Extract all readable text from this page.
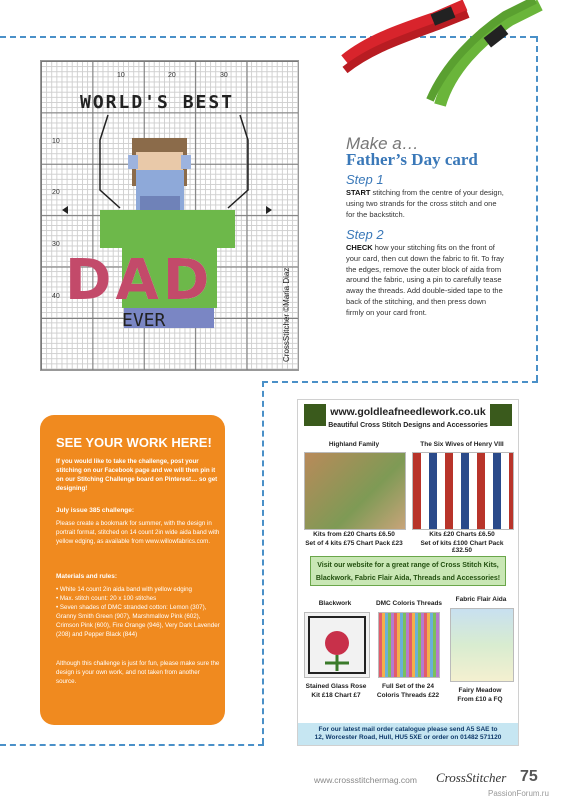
10	20	30
10
20
30
40
WORLD'S BEST
DAD
EVER	CrossStitcher ©Maria Diaz
Make a…
Father’s Day card
Step 1
START stitching from the centre of your design, using two strands for the cross stitch and one for the backstitch.
Step 2
CHECK how your stitching fits on the front of your card, then cut down the fabric to fit. To fray the edges, remove the outer block of aida from around the fabric, using a pin to carefully tease away the threads. Add double-sided tape to the back of the stitching, and then press down firmly on your card front.
SEE YOUR WORK HERE!
If you would like to take the challenge, post your stitching on our Facebook page and we will then pin it on our Stitching Challenge board on Pinterest… so get designing!
July issue 385 challenge:
Please create a bookmark for summer, with the design in portrait format, stitched on 14 count 2in wide aida band with yellow edging, as available from www.willowfabrics.com.
Materials and rules:
• White 14 count 2in aida band with yellow edging
• Max. stitch count: 20 x 100 stitches
• Seven shades of DMC stranded cotton: Lemon (307), Granny Smith Green (907), Marshmallow Pink (602), Crimson Pink (600), Fire Orange (946), Very Dark Lavender (208) and Pepper Black (844)
Although this challenge is just for fun, please make sure the design is your own work, and not taken from another source.
www.goldleafneedlework.co.uk
Beautiful Cross Stitch Designs and Accessories
Highland Family	The Six Wives of Henry VIII
Kits from £20 Charts £6.50
Set of 4 kits £75 Chart Pack £23
Kits £20 Charts £6.50
Set of kits £100 Chart Pack £32.50
Visit our website for a great range of Cross Stitch Kits,
Blackwork, Fabric Flair Aida, Threads and Accessories!
Blackwork	DMC Coloris Threads
Fabric Flair Aida
Stained Glass Rose
Kit £18 Chart £7
Full Set of the 24
Coloris Threads £22
Fairy Meadow
From £10 a FQ
For our latest mail order catalogue please send A5 SAE to
12, Worcester Road, Hull, HU5 5XE or order on 01482 571120
www.crossstitchermag.com CrossStitcher 75
PassionForum.ru
